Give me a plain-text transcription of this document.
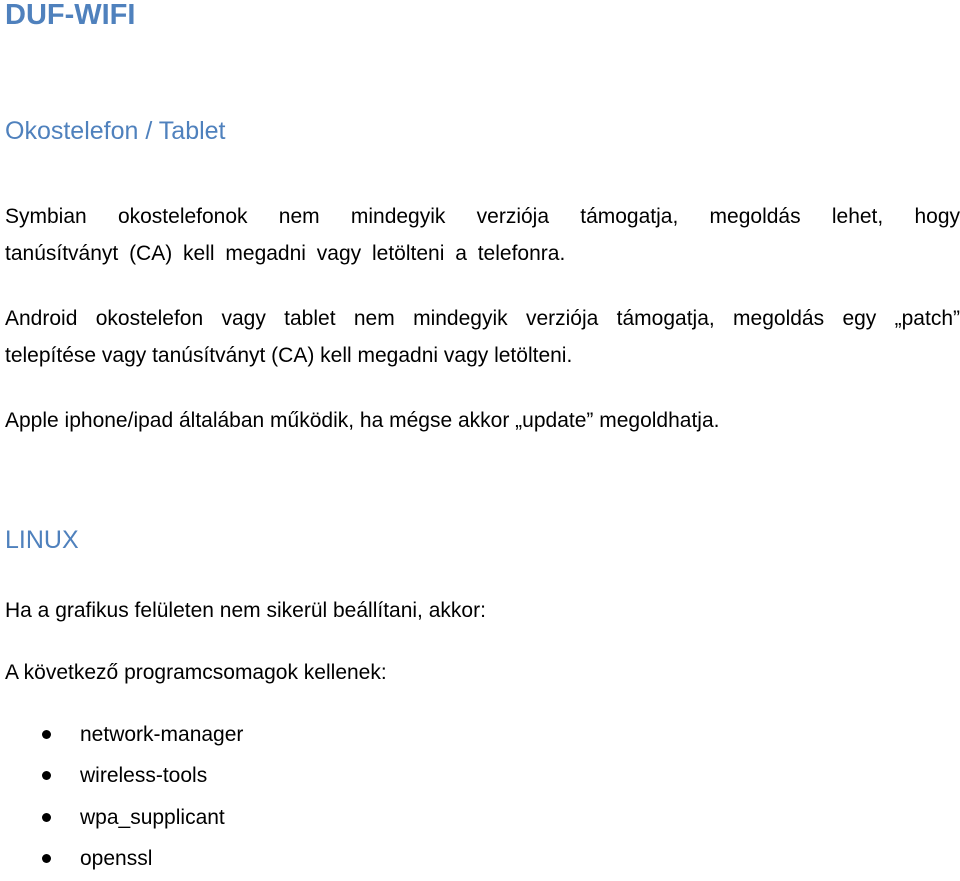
DUF-WIFI
Okostelefon / Tablet

Symbian okostelefonok nem mindegyik verziója támogatja, megoldás lehet, hogy
tanúsítványt (CA) kell megadni vagy letölteni a telefonra.

Android okostelefon vagy tablet nem mindegyik verziója támogatja, megoldás egy „patch”
telepítése vagy tanúsítványt (CA) kell megadni vagy letölteni.

Apple iphone/ipad általában működik, ha mégse akkor „update” megoldhatja.

LINUX

Ha a grafikus felületen nem sikerül beállítani, akkor:

A következő programcsomagok kellenek:

network-manager
wireless-tools
wpa_supplicant
openssl
